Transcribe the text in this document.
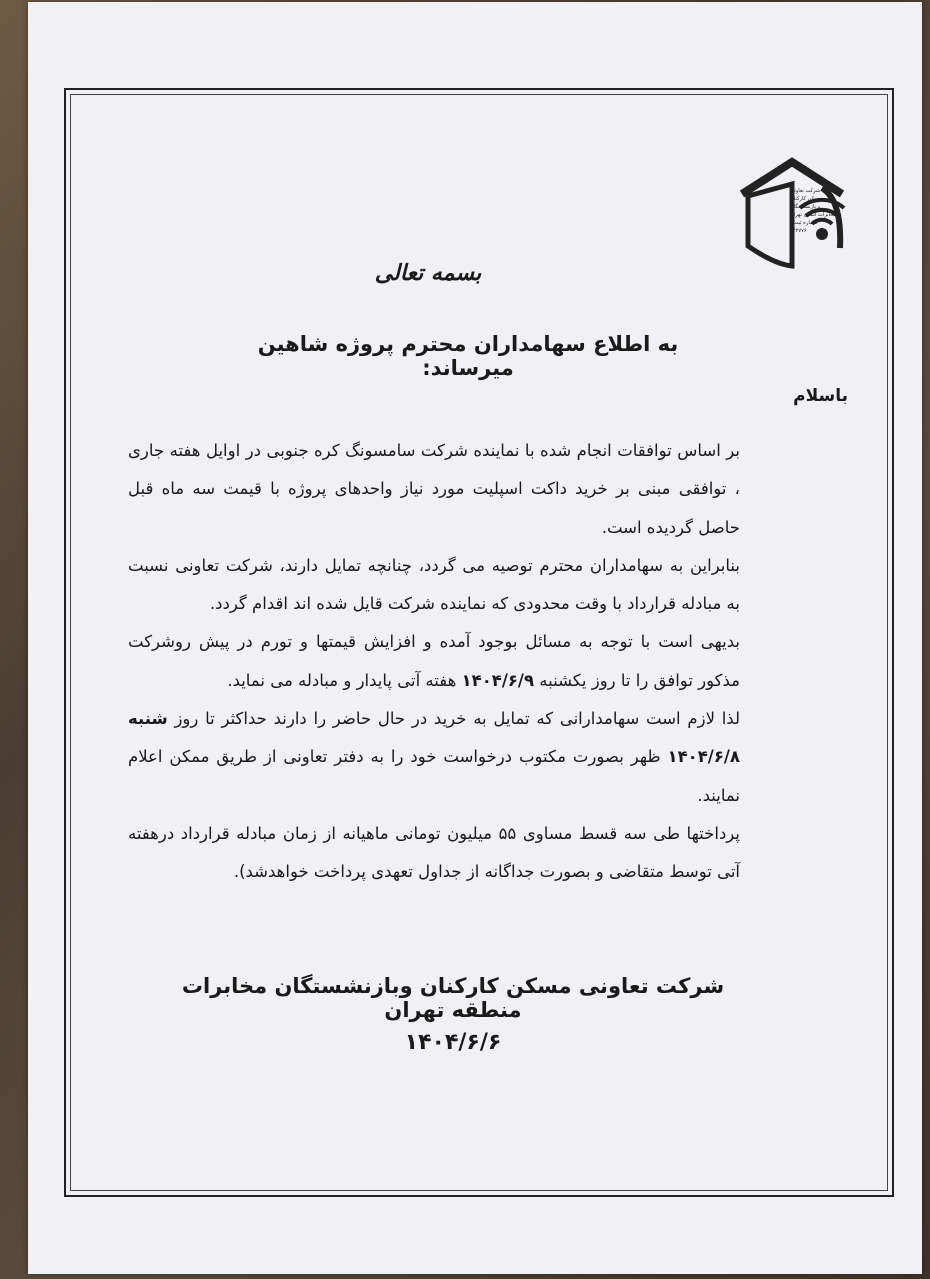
شرکت تعاونی
مسکن کارکنان
و بازنشستگان
مخابرات استان تهران
شماره ثبت :
۳۴۲۷۷۶
بسمه تعالی
به اطلاع سهامداران محترم پروژه شاهین میرساند:
باسلام

بر اساس توافقات انجام شده با نماینده شرکت سامسونگ کره جنوبی در اوایل هفته جاری ، توافقی مبنی بر خرید داکت اسپلیت مورد نیاز واحدهای پروژه با قیمت سه ماه قبل حاصل گردیده است.

بنابراین به سهامداران محترم توصیه می گردد، چنانچه تمایل دارند، شرکت تعاونی نسبت به مبادله قرارداد با وقت محدودی که نماینده شرکت قایل شده اند اقدام گردد.

بدیهی است با توجه به مسائل بوجود آمده و افزایش قیمتها و تورم در پیش روشرکت مذکور توافق را تا روز یکشنبه ۱۴۰۴/۶/۹ هفته آتی پایدار و مبادله می نماید.

لذا لازم است سهامدارانی که تمایل به خرید در حال حاضر را دارند حداکثر تا روز شنبه ۱۴۰۴/۶/۸ ظهر بصورت مکتوب درخواست خود را به دفتر تعاونی از طریق ممکن اعلام نمایند.

پرداختها طی سه قسط مساوی ۵۵ میلیون تومانی ماهیانه از زمان مبادله قرارداد درهفته آتی توسط متقاضی و بصورت جداگانه از جداول تعهدی پرداخت خواهدشد).

شرکت تعاونی مسکن کارکنان وبازنشستگان مخابرات منطقه تهران
۱۴۰۴/۶/۶
